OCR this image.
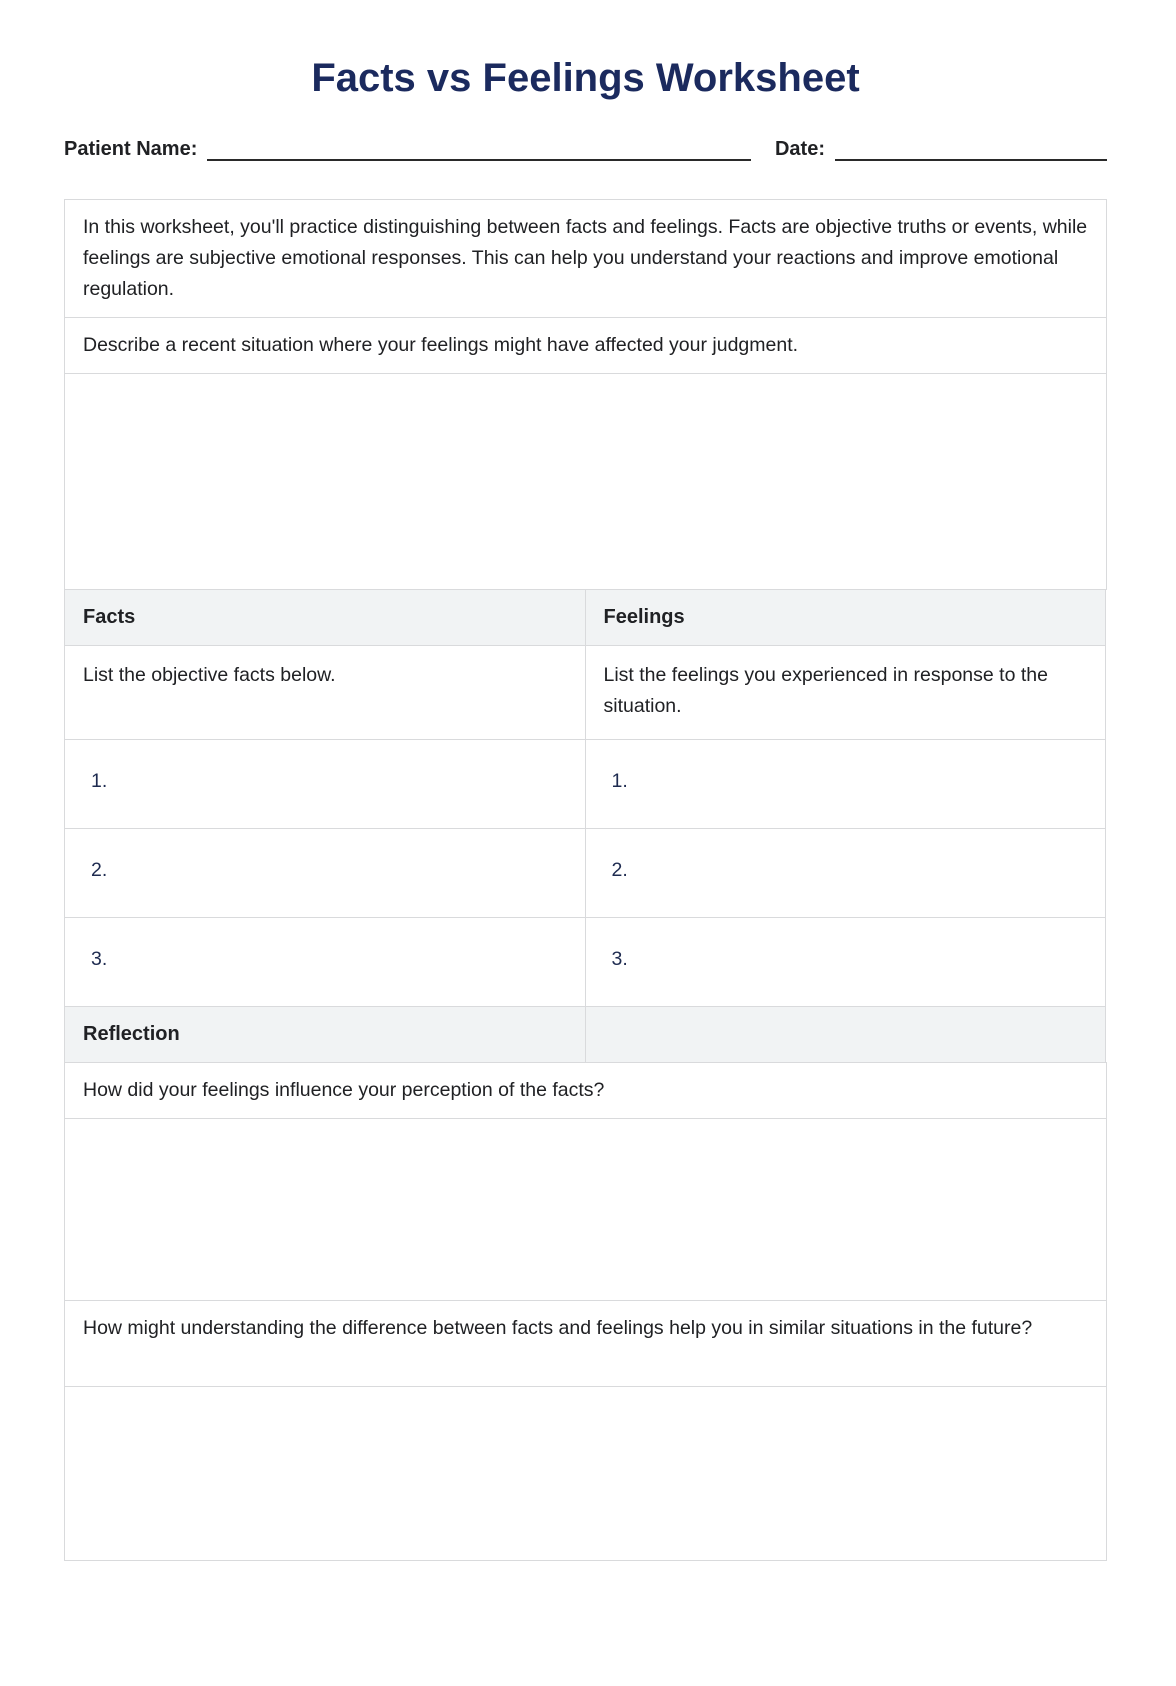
Facts vs Feelings Worksheet
Patient Name:	Date:
In this worksheet, you'll practice distinguishing between facts and feelings. Facts are objective truths or events, while feelings are subjective emotional responses. This can help you understand your reactions and improve emotional regulation.
Describe a recent situation where your feelings might have affected your judgment.
Facts	Feelings
List the objective facts below.	List the feelings you experienced in response to the situation.
1.	1.
2.	2.
3.	3.
Reflection
How did your feelings influence your perception of the facts?
How might understanding the difference between facts and feelings help you in similar situations in the future?
